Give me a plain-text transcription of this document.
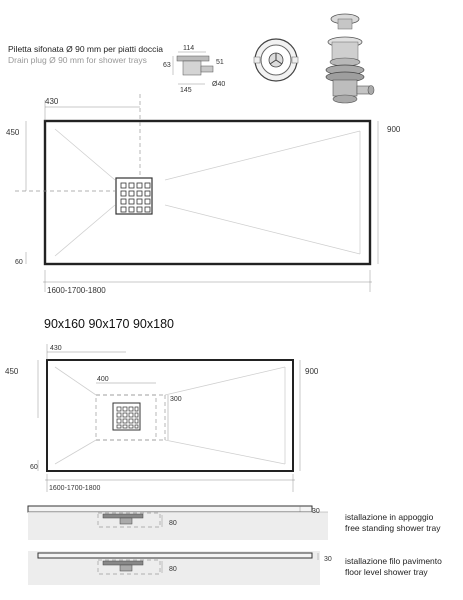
Piletta sifonata Ø 90 mm per piatti doccia
Drain plug Ø 90 mm for shower trays
114
63
145
51
Ø40
430
450	900
60
1600-1700-1800
90x160 90x170 90x180
430
400
300
450	900
60
1600-1700-1800
80
30
istallazione in appoggio
free standing shower tray
80
30 istallazione filo pavimento
floor level shower tray
